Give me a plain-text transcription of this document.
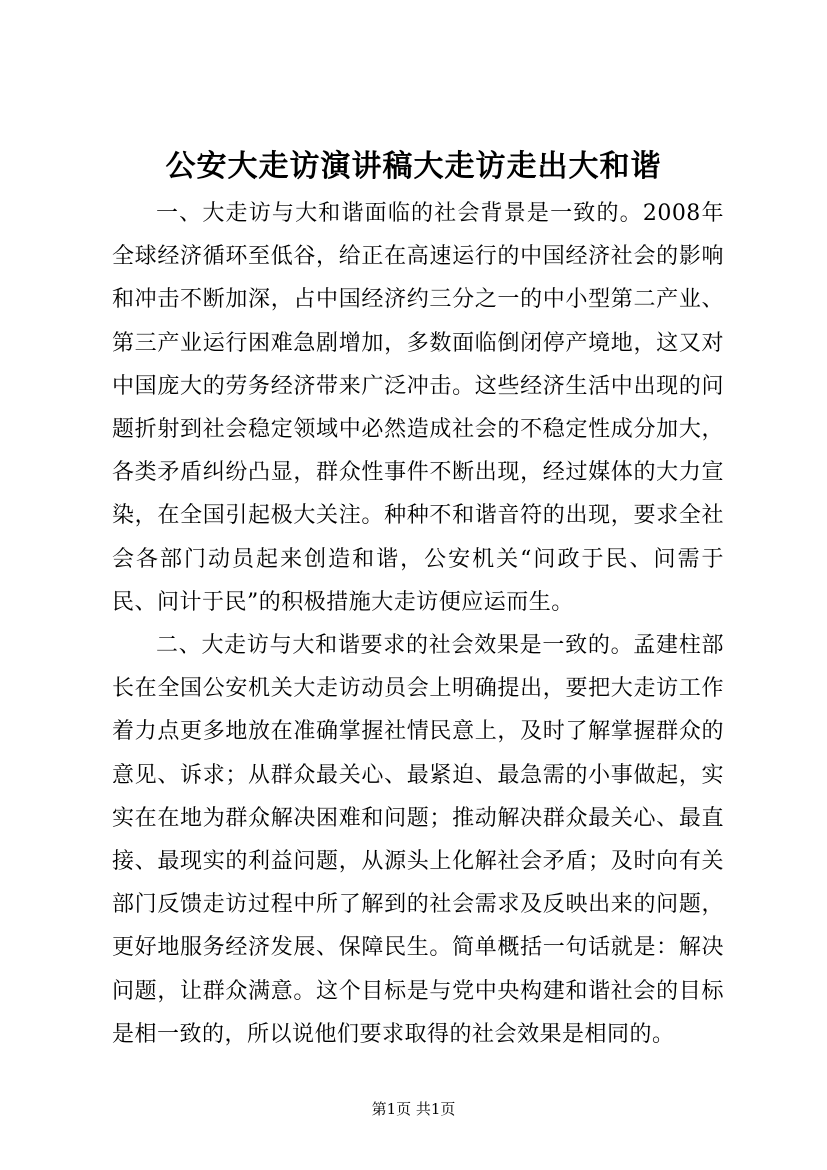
公安大走访演讲稿大走访走出大和谐

一、大走访与大和谐面临的社会背景是一致的。2008年全球经济循环至低谷，给正在高速运行的中国经济社会的影响和冲击不断加深，占中国经济约三分之一的中小型第二产业、第三产业运行困难急剧增加，多数面临倒闭停产境地，这又对中国庞大的劳务经济带来广泛冲击。这些经济生活中出现的问题折射到社会稳定领域中必然造成社会的不稳定性成分加大，各类矛盾纠纷凸显，群众性事件不断出现，经过媒体的大力宣染，在全国引起极大关注。种种不和谐音符的出现，要求全社会各部门动员起来创造和谐，公安机关“问政于民、问需于民、问计于民”的积极措施大走访便应运而生。

二、大走访与大和谐要求的社会效果是一致的。孟建柱部长在全国公安机关大走访动员会上明确提出，要把大走访工作着力点更多地放在准确掌握社情民意上，及时了解掌握群众的意见、诉求；从群众最关心、最紧迫、最急需的小事做起，实实在在地为群众解决困难和问题；推动解决群众最关心、最直接、最现实的利益问题，从源头上化解社会矛盾；及时向有关部门反馈走访过程中所了解到的社会需求及反映出来的问题，更好地服务经济发展、保障民生。简单概括一句话就是：解决问题，让群众满意。这个目标是与党中央构建和谐社会的目标是相一致的，所以说他们要求取得的社会效果是相同的。

第1页 共1页
